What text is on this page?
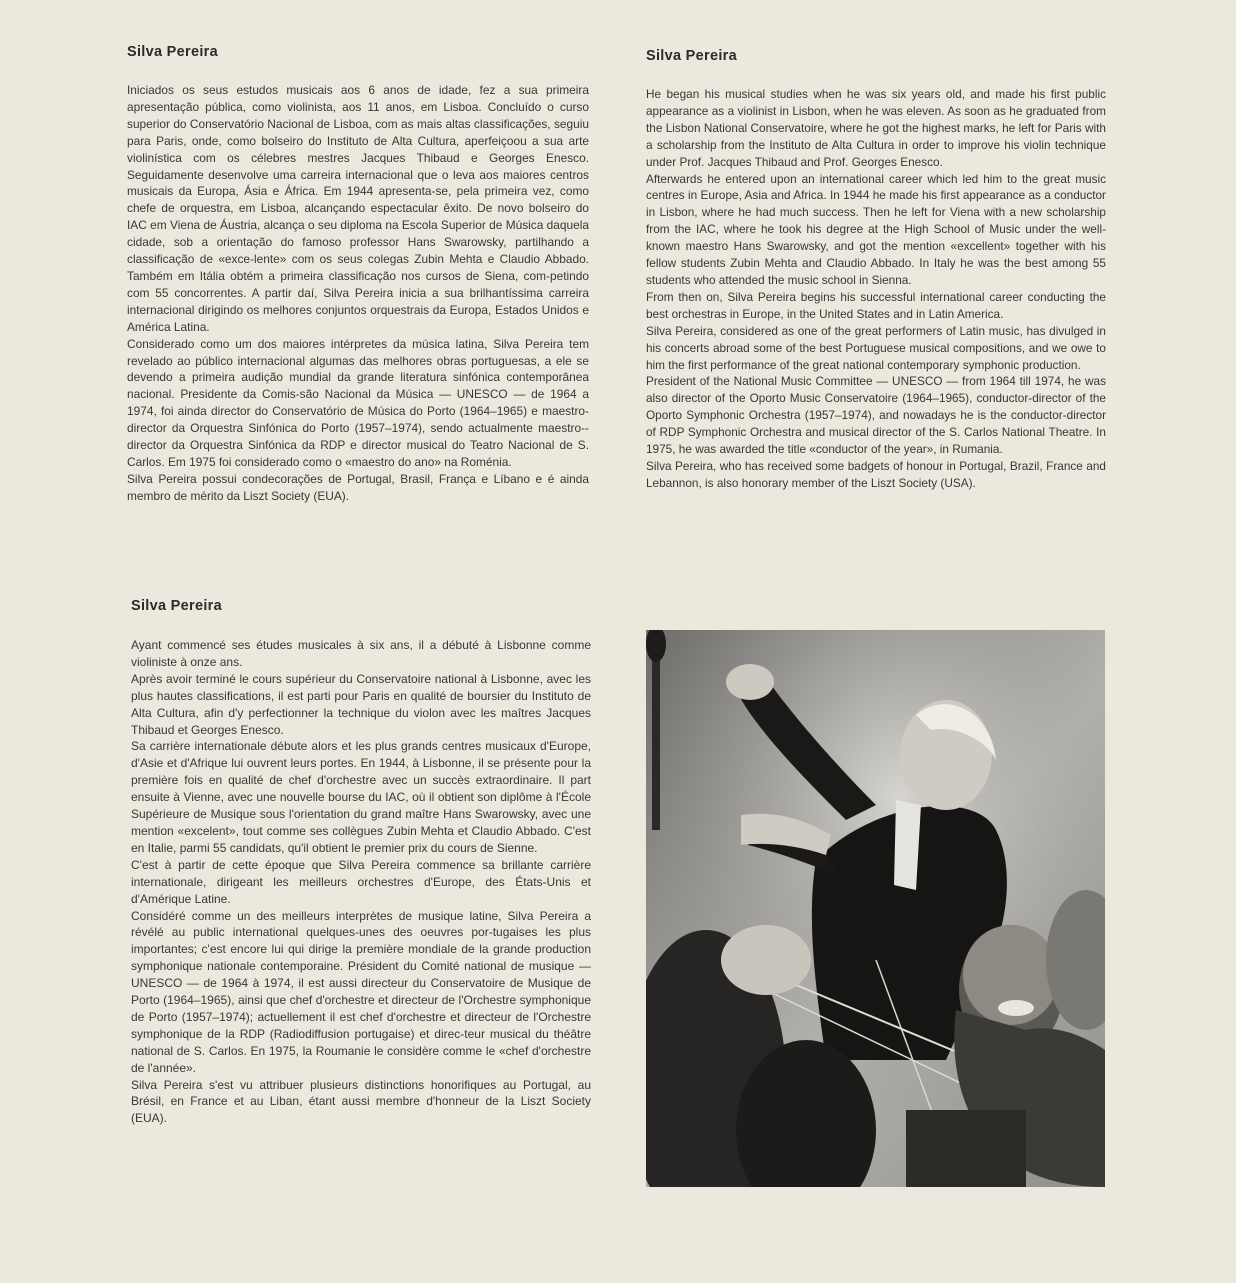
Silva Pereira

Iniciados os seus estudos musicais aos 6 anos de idade, fez a sua primeira apresentação pública, como violinista, aos 11 anos, em Lisboa. Concluído o curso superior do Conservatório Nacional de Lisboa, com as mais altas classificações, seguiu para Paris, onde, como bolseiro do Instituto de Alta Cultura, aperfeiçoou a sua arte violinística com os célebres mestres Jacques Thibaud e Georges Enesco. Seguidamente desenvolve uma carreira internacional que o leva aos maiores centros musicais da Europa, Ásia e África. Em 1944 apresenta-se, pela primeira vez, como chefe de orquestra, em Lisboa, alcançando espectacular êxito. De novo bolseiro do IAC em Viena de Áustria, alcança o seu diploma na Escola Superior de Música daquela cidade, sob a orientação do famoso professor Hans Swarowsky, partilhando a classificação de «exce-lente» com os seus colegas Zubin Mehta e Claudio Abbado. Também em Itália obtém a primeira classificação nos cursos de Siena, com-petindo com 55 concorrentes. A partir daí, Silva Pereira inicia a sua brilhantíssima carreira internacional dirigindo os melhores conjuntos orquestrais da Europa, Estados Unidos e América Latina.

Considerado como um dos maiores intérpretes da música latina, Silva Pereira tem revelado ao público internacional algumas das melhores obras portuguesas, a ele se devendo a primeira audição mundial da grande literatura sinfónica contemporânea nacional. Presidente da Comis-são Nacional da Música — UNESCO — de 1964 a 1974, foi ainda director do Conservatório de Música do Porto (1964–1965) e maestro-director da Orquestra Sinfónica do Porto (1957–1974), sendo actualmente maestro--director da Orquestra Sinfónica da RDP e director musical do Teatro Nacional de S. Carlos. Em 1975 foi considerado como o «maestro do ano» na Roménia.

Silva Pereira possui condecorações de Portugal, Brasil, França e Líbano e é ainda membro de mérito da Liszt Society (EUA).

Silva Pereira

Ayant commencé ses études musicales à six ans, il a débuté à Lisbonne comme violiniste à onze ans.

Après avoir terminé le cours supérieur du Conservatoire national à Lisbonne, avec les plus hautes classifications, il est parti pour Paris en qualité de boursier du Instituto de Alta Cultura, afin d'y perfectionner la technique du violon avec les maîtres Jacques Thibaud et Georges Enesco.

Sa carrière internationale débute alors et les plus grands centres musicaux d'Europe, d'Asie et d'Afrique lui ouvrent leurs portes. En 1944, à Lisbonne, il se présente pour la première fois en qualité de chef d'orchestre avec un succès extraordinaire. Il part ensuite à Vienne, avec une nouvelle bourse du IAC, où il obtient son diplôme à l'École Supérieure de Musique sous l'orientation du grand maître Hans Swarowsky, avec une mention «excelent», tout comme ses collègues Zubin Mehta et Claudio Abbado. C'est en Italie, parmi 55 candidats, qu'il obtient le premier prix du cours de Sienne.

C'est à partir de cette époque que Silva Pereira commence sa brillante carrière internationale, dirigeant les meilleurs orchestres d'Europe, des États-Unis et d'Amérique Latine.

Considéré comme un des meilleurs interprètes de musique latine, Silva Pereira a révélé au public international quelques-unes des oeuvres por-tugaises les plus importantes; c'est encore lui qui dirige la première mondiale de la grande production symphonique nationale contemporaine. Président du Comité national de musique — UNESCO — de 1964 à 1974, il est aussi directeur du Conservatoire de Musique de Porto (1964–1965), ainsi que chef d'orchestre et directeur de l'Orchestre symphonique de Porto (1957–1974); actuellement il est chef d'orchestre et directeur de l'Orchestre symphonique de la RDP (Radiodiffusion portugaise) et direc-teur musical du théâtre national de S. Carlos. En 1975, la Roumanie le considère comme le «chef d'orchestre de l'année».

Silva Pereira s'est vu attribuer plusieurs distinctions honorifiques au Portugal, au Brésil, en France et au Liban, étant aussi membre d'honneur de la Liszt Society (EUA).

Silva Pereira

He began his musical studies when he was six years old, and made his first public appearance as a violinist in Lisbon, when he was eleven. As soon as he graduated from the Lisbon National Conservatoire, where he got the highest marks, he left for Paris with a scholarship from the Instituto de Alta Cultura in order to improve his violin technique under Prof. Jacques Thibaud and Prof. Georges Enesco.

Afterwards he entered upon an international career which led him to the great music centres in Europe, Asia and Africa. In 1944 he made his first appearance as a conductor in Lisbon, where he had much success. Then he left for Viena with a new scholarship from the IAC, where he took his degree at the High School of Music under the well-known maestro Hans Swarowsky, and got the mention «excellent» together with his fellow students Zubin Mehta and Claudio Abbado. In Italy he was the best among 55 students who attended the music school in Sienna.

From then on, Silva Pereira begins his successful international career conducting the best orchestras in Europe, in the United States and in Latin America.

Silva Pereira, considered as one of the great performers of Latin music, has divulged in his concerts abroad some of the best Portuguese musical compositions, and we owe to him the first performance of the great national contemporary symphonic production.

President of the National Music Committee — UNESCO — from 1964 till 1974, he was also director of the Oporto Music Conservatoire (1964–1965), conductor-director of the Oporto Symphonic Orchestra (1957–1974), and nowadays he is the conductor-director of RDP Symphonic Orchestra and musical director of the S. Carlos National Theatre. In 1975, he was awarded the title «conductor of the year», in Rumania.

Silva Pereira, who has received some badgets of honour in Portugal, Brazil, France and Lebannon, is also honorary member of the Liszt Society (USA).
